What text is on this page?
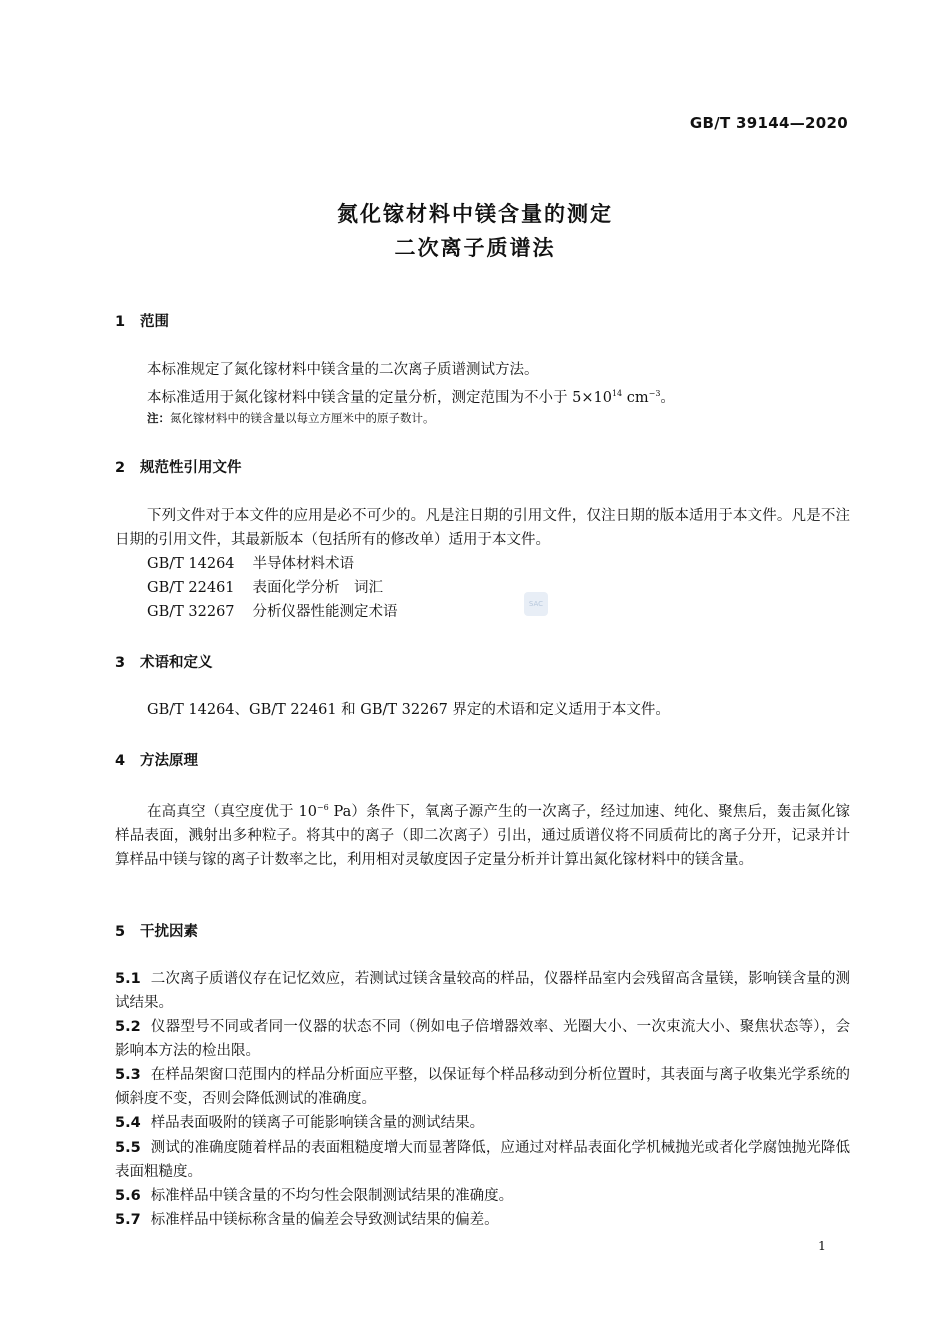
GB/T 39144—2020
氮化镓材料中镁含量的测定
二次离子质谱法
1 范围
本标准规定了氮化镓材料中镁含量的二次离子质谱测试方法。
本标准适用于氮化镓材料中镁含量的定量分析，测定范围为不小于 $5\times 10^{14}$ $cm^{-3}$。
注：氮化镓材料中的镁含量以每立方厘米中的原子数计。
2 规范性引用文件
下列文件对于本文件的应用是必不可少的。凡是注日期的引用文件，仅注日期的版本适用于本文件。凡是不注日期的引用文件，其最新版本（包括所有的修改单）适用于本文件。
GB/T 14264 半导体材料术语
GB/T 22461 表面化学分析　词汇
GB/T 32267 分析仪器性能测定术语	SAC
3 术语和定义
GB/T 14264、GB/T 22461 和 GB/T 32267 界定的术语和定义适用于本文件。
4 方法原理
在高真空（真空度优于 $10^{-6}$ Pa）条件下，氧离子源产生的一次离子，经过加速、纯化、聚焦后，轰击氮化镓样品表面，溅射出多种粒子。将其中的离子（即二次离子）引出，通过质谱仪将不同质荷比的离子分开，记录并计算样品中镁与镓的离子计数率之比，利用相对灵敏度因子定量分析并计算出氮化镓材料中的镁含量。
5 干扰因素
5.1 二次离子质谱仪存在记忆效应，若测试过镁含量较高的样品，仪器样品室内会残留高含量镁，影响镁含量的测试结果。
5.2 仪器型号不同或者同一仪器的状态不同（例如电子倍增器效率、光圈大小、一次束流大小、聚焦状态等），会影响本方法的检出限。
5.3 在样品架窗口范围内的样品分析面应平整，以保证每个样品移动到分析位置时，其表面与离子收集光学系统的倾斜度不变，否则会降低测试的准确度。
5.4 样品表面吸附的镁离子可能影响镁含量的测试结果。
5.5 测试的准确度随着样品的表面粗糙度增大而显著降低，应通过对样品表面化学机械抛光或者化学腐蚀抛光降低表面粗糙度。
5.6 标准样品中镁含量的不均匀性会限制测试结果的准确度。
5.7 标准样品中镁标称含量的偏差会导致测试结果的偏差。
1
